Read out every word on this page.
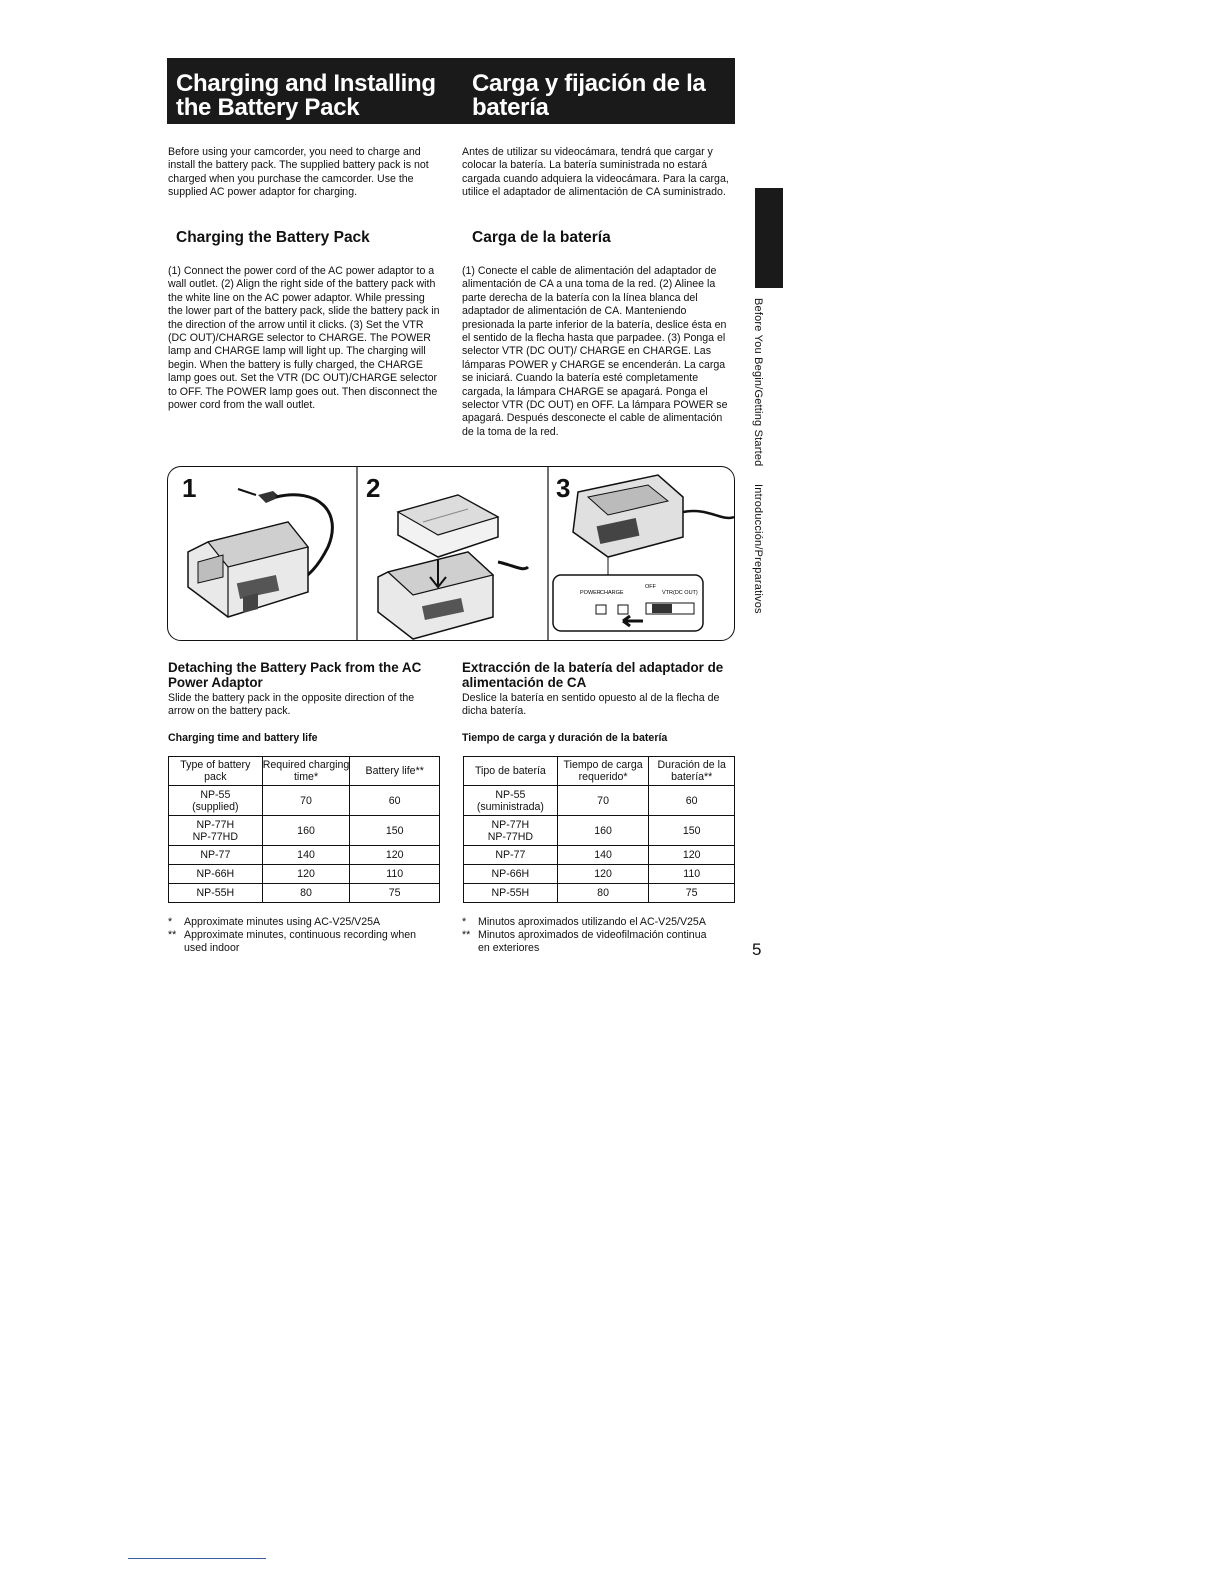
Charging and Installing
the Battery Pack
Carga y fijación de la
batería
Before using your camcorder, you need to charge and install the battery pack. The supplied battery pack is not charged when you purchase the camcorder. Use the supplied AC power adaptor for charging.
Antes de utilizar su videocámara, tendrá que cargar y colocar la batería. La batería suministrada no estará cargada cuando adquiera la videocámara. Para la carga, utilice el adaptador de alimentación de CA suministrado.
Charging the Battery Pack	Carga de la batería
(1) Connect the power cord of the AC power adaptor to a wall outlet. (2) Align the right side of the battery pack with the white line on the AC power adaptor. While pressing the lower part of the battery pack, slide the battery pack in the direction of the arrow until it clicks. (3) Set the VTR (DC OUT)/CHARGE selector to CHARGE. The POWER lamp and CHARGE lamp will light up. The charging will begin. When the battery is fully charged, the CHARGE lamp goes out. Set the VTR (DC OUT)/CHARGE selector to OFF. The POWER lamp goes out. Then disconnect the power cord from the wall outlet.
(1) Conecte el cable de alimentación del adaptador de alimentación de CA a una toma de la red. (2) Alinee la parte derecha de la batería con la línea blanca del adaptador de alimentación de CA. Manteniendo presionada la parte inferior de la batería, deslice ésta en el sentido de la flecha hasta que parpadee. (3) Ponga el selector VTR (DC OUT)/ CHARGE en CHARGE. Las lámparas POWER y CHARGE se encenderán. La carga se iniciará. Cuando la batería esté completamente cargada, la lámpara CHARGE se apagará. Ponga el selector VTR (DC OUT) en OFF. La lámpara POWER se apagará. Después desconecte el cable de alimentación de la toma de la red.	Before You Begin/Getting Started
Introducción/Preparativos
POWER CHARGE
OFF
VTR(DC OUT)
1	2	3
Detaching the Battery Pack from the AC Power Adaptor
Slide the battery pack in the opposite direction of the arrow on the battery pack.
Extracción de la batería del adaptador de alimentación de CA
Deslice la batería en sentido opuesto al de la flecha de dicha batería.
Charging time and battery life	Tiempo de carga y duración de la batería
Type of battery pack	Required charging time*	Battery life**
NP-55
(supplied)	70	60
NP-77H
NP-77HD	160	150
NP-77	140	120
NP-66H	120	110
NP-55H	80	75
Tipo de batería	Tiempo de carga requerido*	Duración de la batería**
NP-55
(suministrada)	70	60
NP-77H
NP-77HD	160	150
NP-77	140	120
NP-66H	120	110
NP-55H	80	75
* Approximate minutes using AC-V25/V25A
** Approximate minutes, continuous recording when
used indoor
* Minutos aproximados utilizando el AC-V25/V25A
** Minutos aproximados de videofilmación continua
en exteriores	5
